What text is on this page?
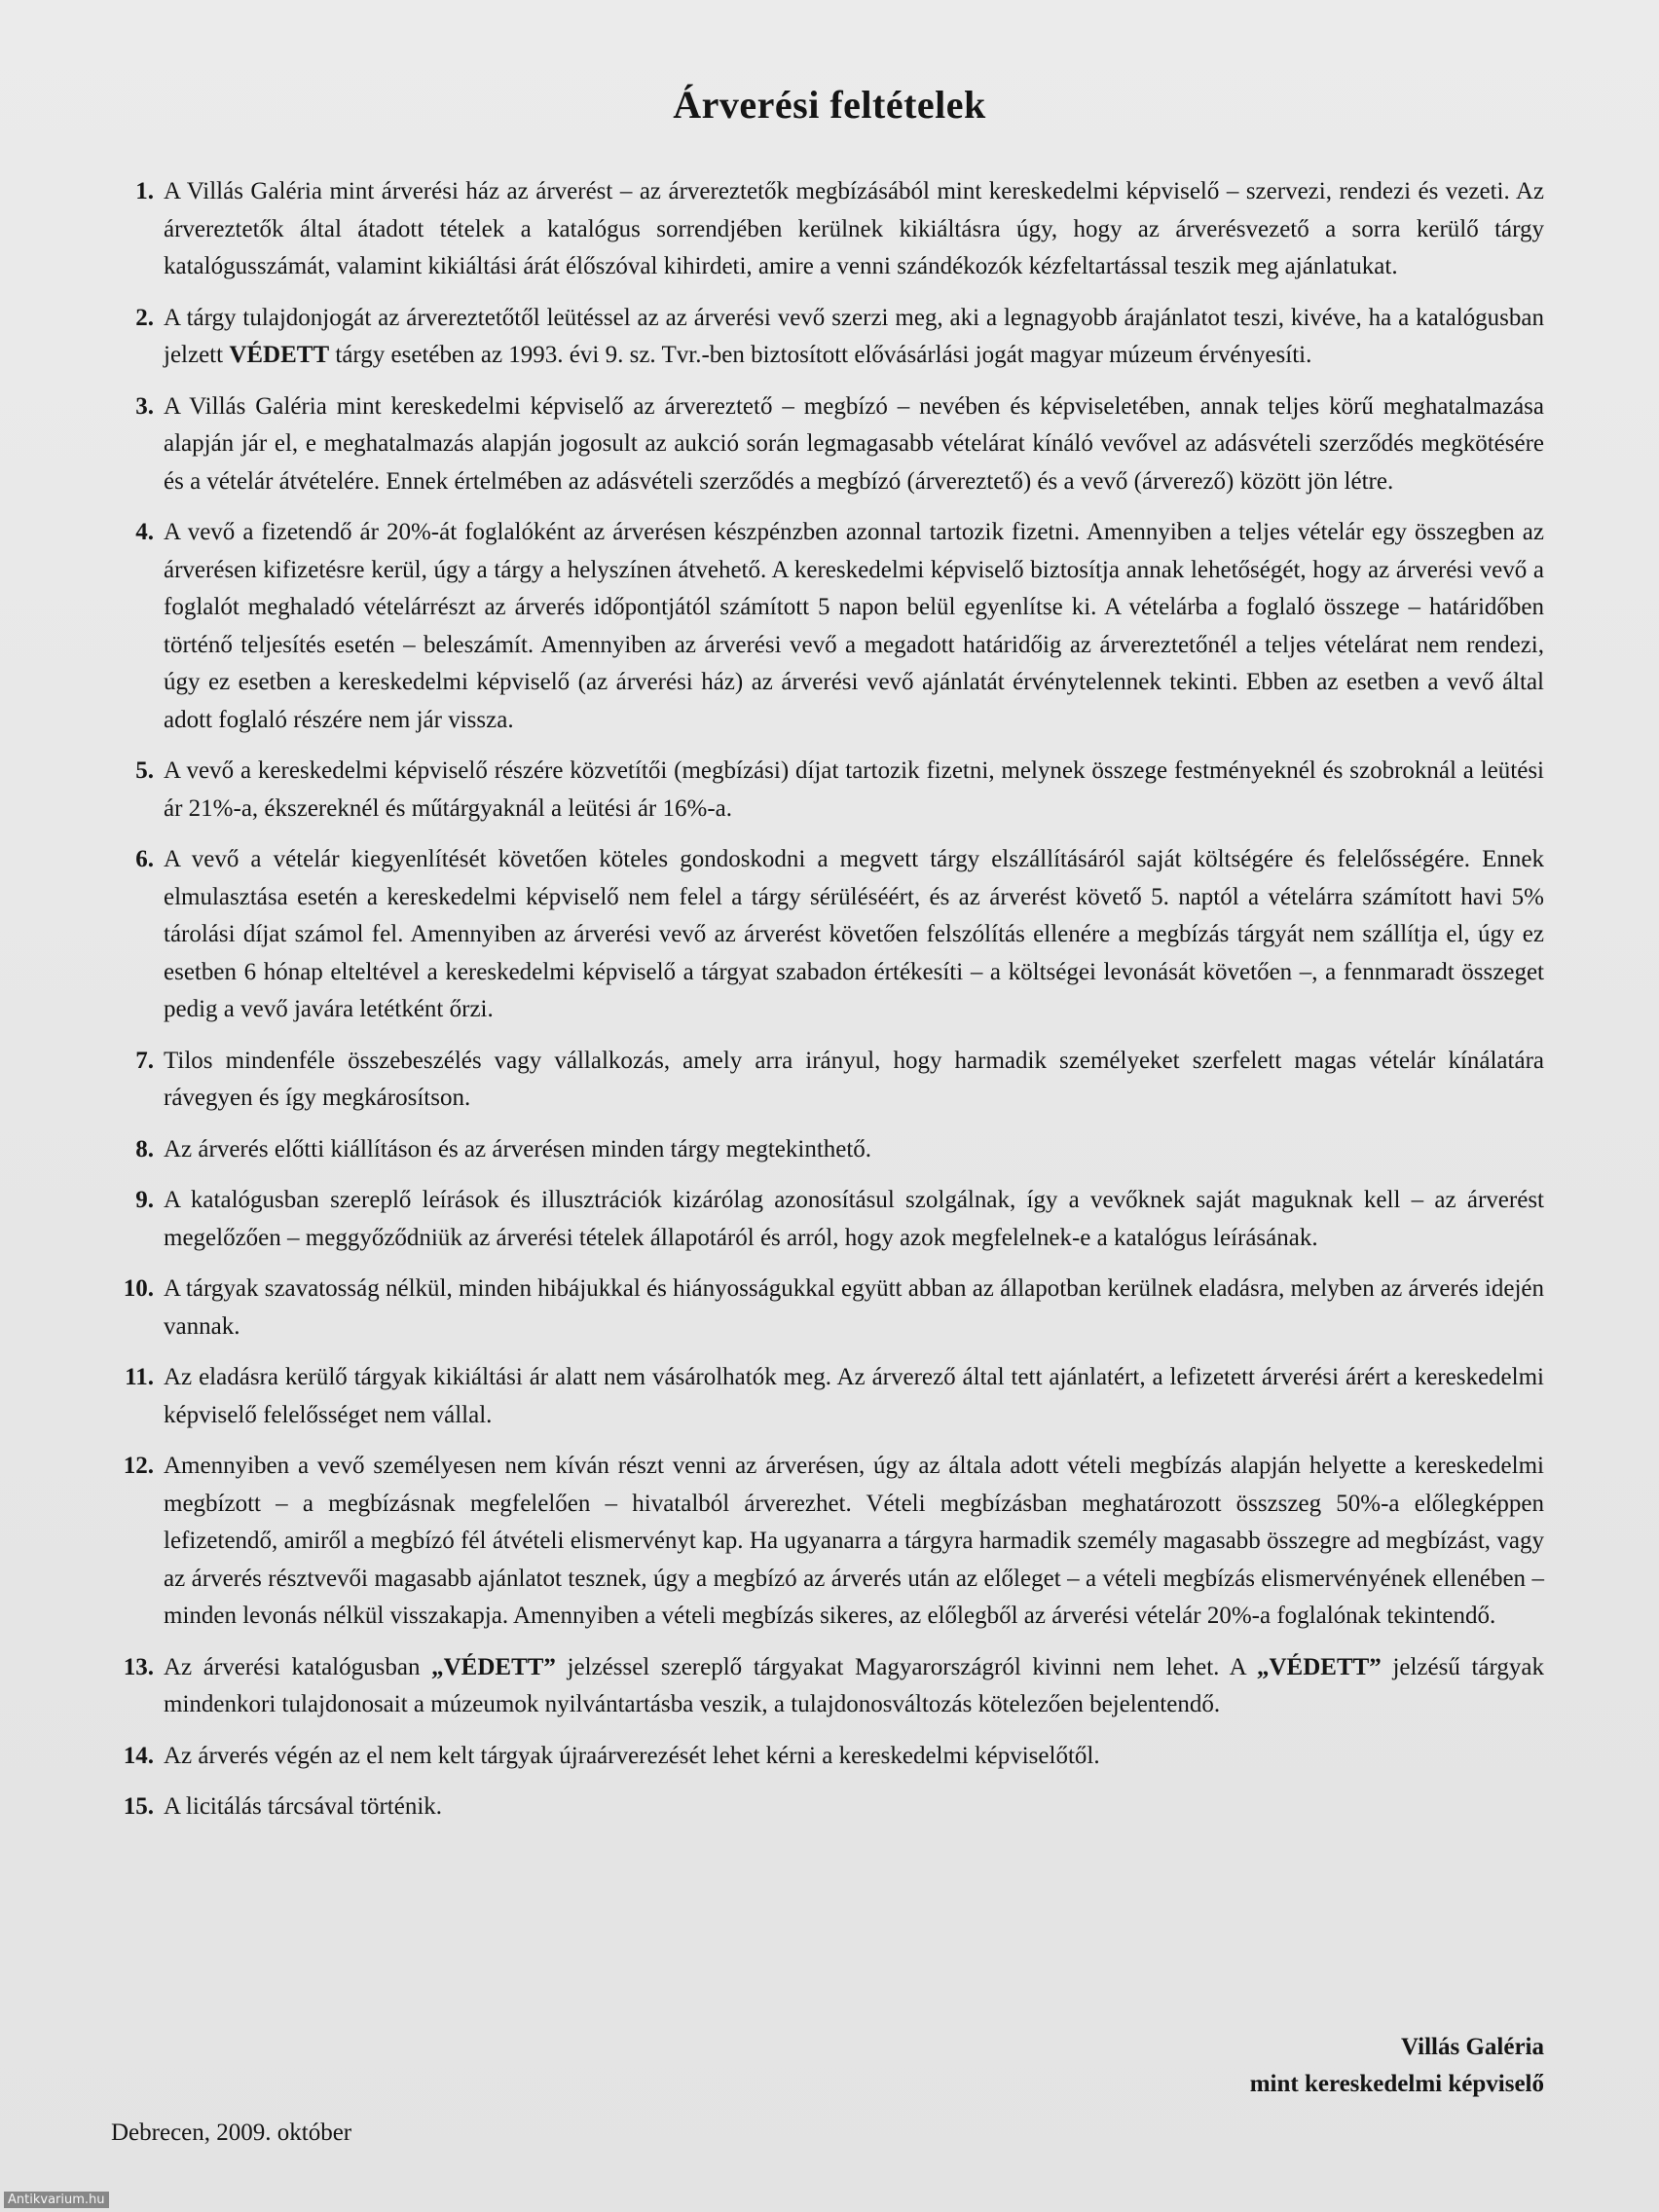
Árverési feltételek
1. A Villás Galéria mint árverési ház az árverést – az árvereztetők megbízásából mint kereskedelmi képviselő – szervezi, rendezi és vezeti. Az árvereztetők által átadott tételek a katalógus sorrendjében kerülnek kikiáltásra úgy, hogy az árverésvezető a sorra kerülő tárgy katalógusszámát, valamint kikiáltási árát élőszóval kihirdeti, amire a venni szándékozók kézfeltartással teszik meg ajánlatukat.
2. A tárgy tulajdonjogát az árvereztetőtől leütéssel az az árverési vevő szerzi meg, aki a legnagyobb árajánlatot teszi, kivéve, ha a katalógusban jelzett VÉDETT tárgy esetében az 1993. évi 9. sz. Tvr.-ben biztosított elővásárlási jogát magyar múzeum érvényesíti.
3. A Villás Galéria mint kereskedelmi képviselő az árvereztető – megbízó – nevében és képviseletében, annak teljes körű meghatalmazása alapján jár el, e meghatalmazás alapján jogosult az aukció során legmagasabb vételárat kínáló vevővel az adásvételi szerződés megkötésére és a vételár átvételére. Ennek értelmében az adásvételi szerződés a megbízó (árvereztető) és a vevő (árverező) között jön létre.
4. A vevő a fizetendő ár 20%-át foglalóként az árverésen készpénzben azonnal tartozik fizetni. Amennyiben a teljes vételár egy összegben az árverésen kifizetésre kerül, úgy a tárgy a helyszínen átvehető. A kereskedelmi képviselő biztosítja annak lehetőségét, hogy az árverési vevő a foglalót meghaladó vételárrészt az árverés időpontjától számított 5 napon belül egyenlítse ki. A vételárba a foglaló összege – határidőben történő teljesítés esetén – beleszámít. Amennyiben az árverési vevő a megadott határidőig az árvereztetőnél a teljes vételárat nem rendezi, úgy ez esetben a kereskedelmi képviselő (az árverési ház) az árverési vevő ajánlatát érvénytelennek tekinti. Ebben az esetben a vevő által adott foglaló részére nem jár vissza.
5. A vevő a kereskedelmi képviselő részére közvetítői (megbízási) díjat tartozik fizetni, melynek összege festményeknél és szobroknál a leütési ár 21%-a, ékszereknél és műtárgyaknál a leütési ár 16%-a.
6. A vevő a vételár kiegyenlítését követően köteles gondoskodni a megvett tárgy elszállításáról saját költségére és felelősségére. Ennek elmulasztása esetén a kereskedelmi képviselő nem felel a tárgy sérüléséért, és az árverést követő 5. naptól a vételárra számított havi 5% tárolási díjat számol fel. Amennyiben az árverési vevő az árverést követően felszólítás ellenére a megbízás tárgyát nem szállítja el, úgy ez esetben 6 hónap elteltével a kereskedelmi képviselő a tárgyat szabadon értékesíti – a költségei levonását követően –, a fennmaradt összeget pedig a vevő javára letétként őrzi.
7. Tilos mindenféle összebeszélés vagy vállalkozás, amely arra irányul, hogy harmadik személyeket szerfelett magas vételár kínálatára rávegyen és így megkárosítson.
8. Az árverés előtti kiállításon és az árverésen minden tárgy megtekinthető.
9. A katalógusban szereplő leírások és illusztrációk kizárólag azonosításul szolgálnak, így a vevőknek saját maguknak kell – az árverést megelőzően – meggyőződniük az árverési tételek állapotáról és arról, hogy azok megfelelnek-e a katalógus leírásának.
10. A tárgyak szavatosság nélkül, minden hibájukkal és hiányosságukkal együtt abban az állapotban kerülnek eladásra, melyben az árverés idején vannak.
11. Az eladásra kerülő tárgyak kikiáltási ár alatt nem vásárolhatók meg. Az árverező által tett ajánlatért, a lefizetett árverési árért a kereskedelmi képviselő felelősséget nem vállal.
12. Amennyiben a vevő személyesen nem kíván részt venni az árverésen, úgy az általa adott vételi megbízás alapján helyette a kereskedelmi megbízott – a megbízásnak megfelelően – hivatalból árverezhet. Vételi megbízásban meghatározott összszeg 50%-a előlegképpen lefizetendő, amiről a megbízó fél átvételi elismervényt kap. Ha ugyanarra a tárgyra harmadik személy magasabb összegre ad megbízást, vagy az árverés résztvevői magasabb ajánlatot tesznek, úgy a megbízó az árverés után az előleget – a vételi megbízás elismervényének ellenében – minden levonás nélkül visszakapja. Amennyiben a vételi megbízás sikeres, az előlegből az árverési vételár 20%-a foglalónak tekintendő.
13. Az árverési katalógusban „VÉDETT” jelzéssel szereplő tárgyakat Magyarországról kivinni nem lehet. A „VÉDETT” jelzésű tárgyak mindenkori tulajdonosait a múzeumok nyilvántartásba veszik, a tulajdonosváltozás kötelezően bejelentendő.
14. Az árverés végén az el nem kelt tárgyak újraárverezését lehet kérni a kereskedelmi képviselőtől.
15. A licitálás tárcsával történik.
Villás Galéria
mint kereskedelmi képviselő
Debrecen, 2009. október
Antikvarium.hu
